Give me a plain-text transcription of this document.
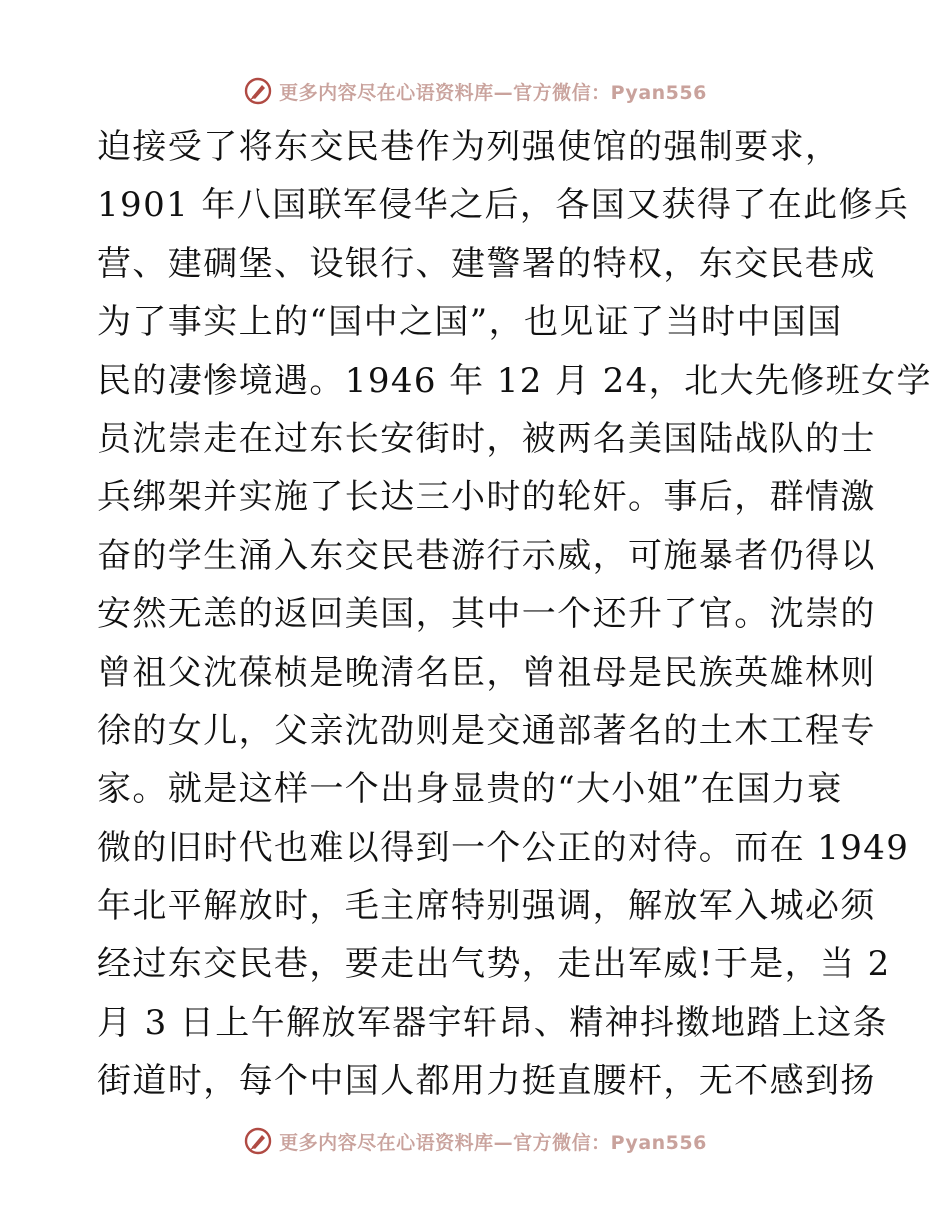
更多内容尽在心语资料库—官方微信：Pyan556
迫接受了将东交民巷作为列强使馆的强制要求，
1901 年八国联军侵华之后，各国又获得了在此修兵
营、建碉堡、设银行、建警署的特权，东交民巷成
为了事实上的“国中之国”，也见证了当时中国国
民的凄惨境遇。1946 年 12 月 24，北大先修班女学
员沈崇走在过东长安街时，被两名美国陆战队的士
兵绑架并实施了长达三小时的轮奸。事后，群情激
奋的学生涌入东交民巷游行示威，可施暴者仍得以
安然无恙的返回美国，其中一个还升了官。沈崇的
曾祖父沈葆桢是晚清名臣，曾祖母是民族英雄林则
徐的女儿，父亲沈劭则是交通部著名的土木工程专
家。就是这样一个出身显贵的“大小姐”在国力衰
微的旧时代也难以得到一个公正的对待。而在 1949
年北平解放时，毛主席特别强调，解放军入城必须
经过东交民巷，要走出气势，走出军威!于是，当 2
月 3 日上午解放军器宇轩昂、精神抖擞地踏上这条
街道时，每个中国人都用力挺直腰杆，无不感到扬
更多内容尽在心语资料库—官方微信：Pyan556
